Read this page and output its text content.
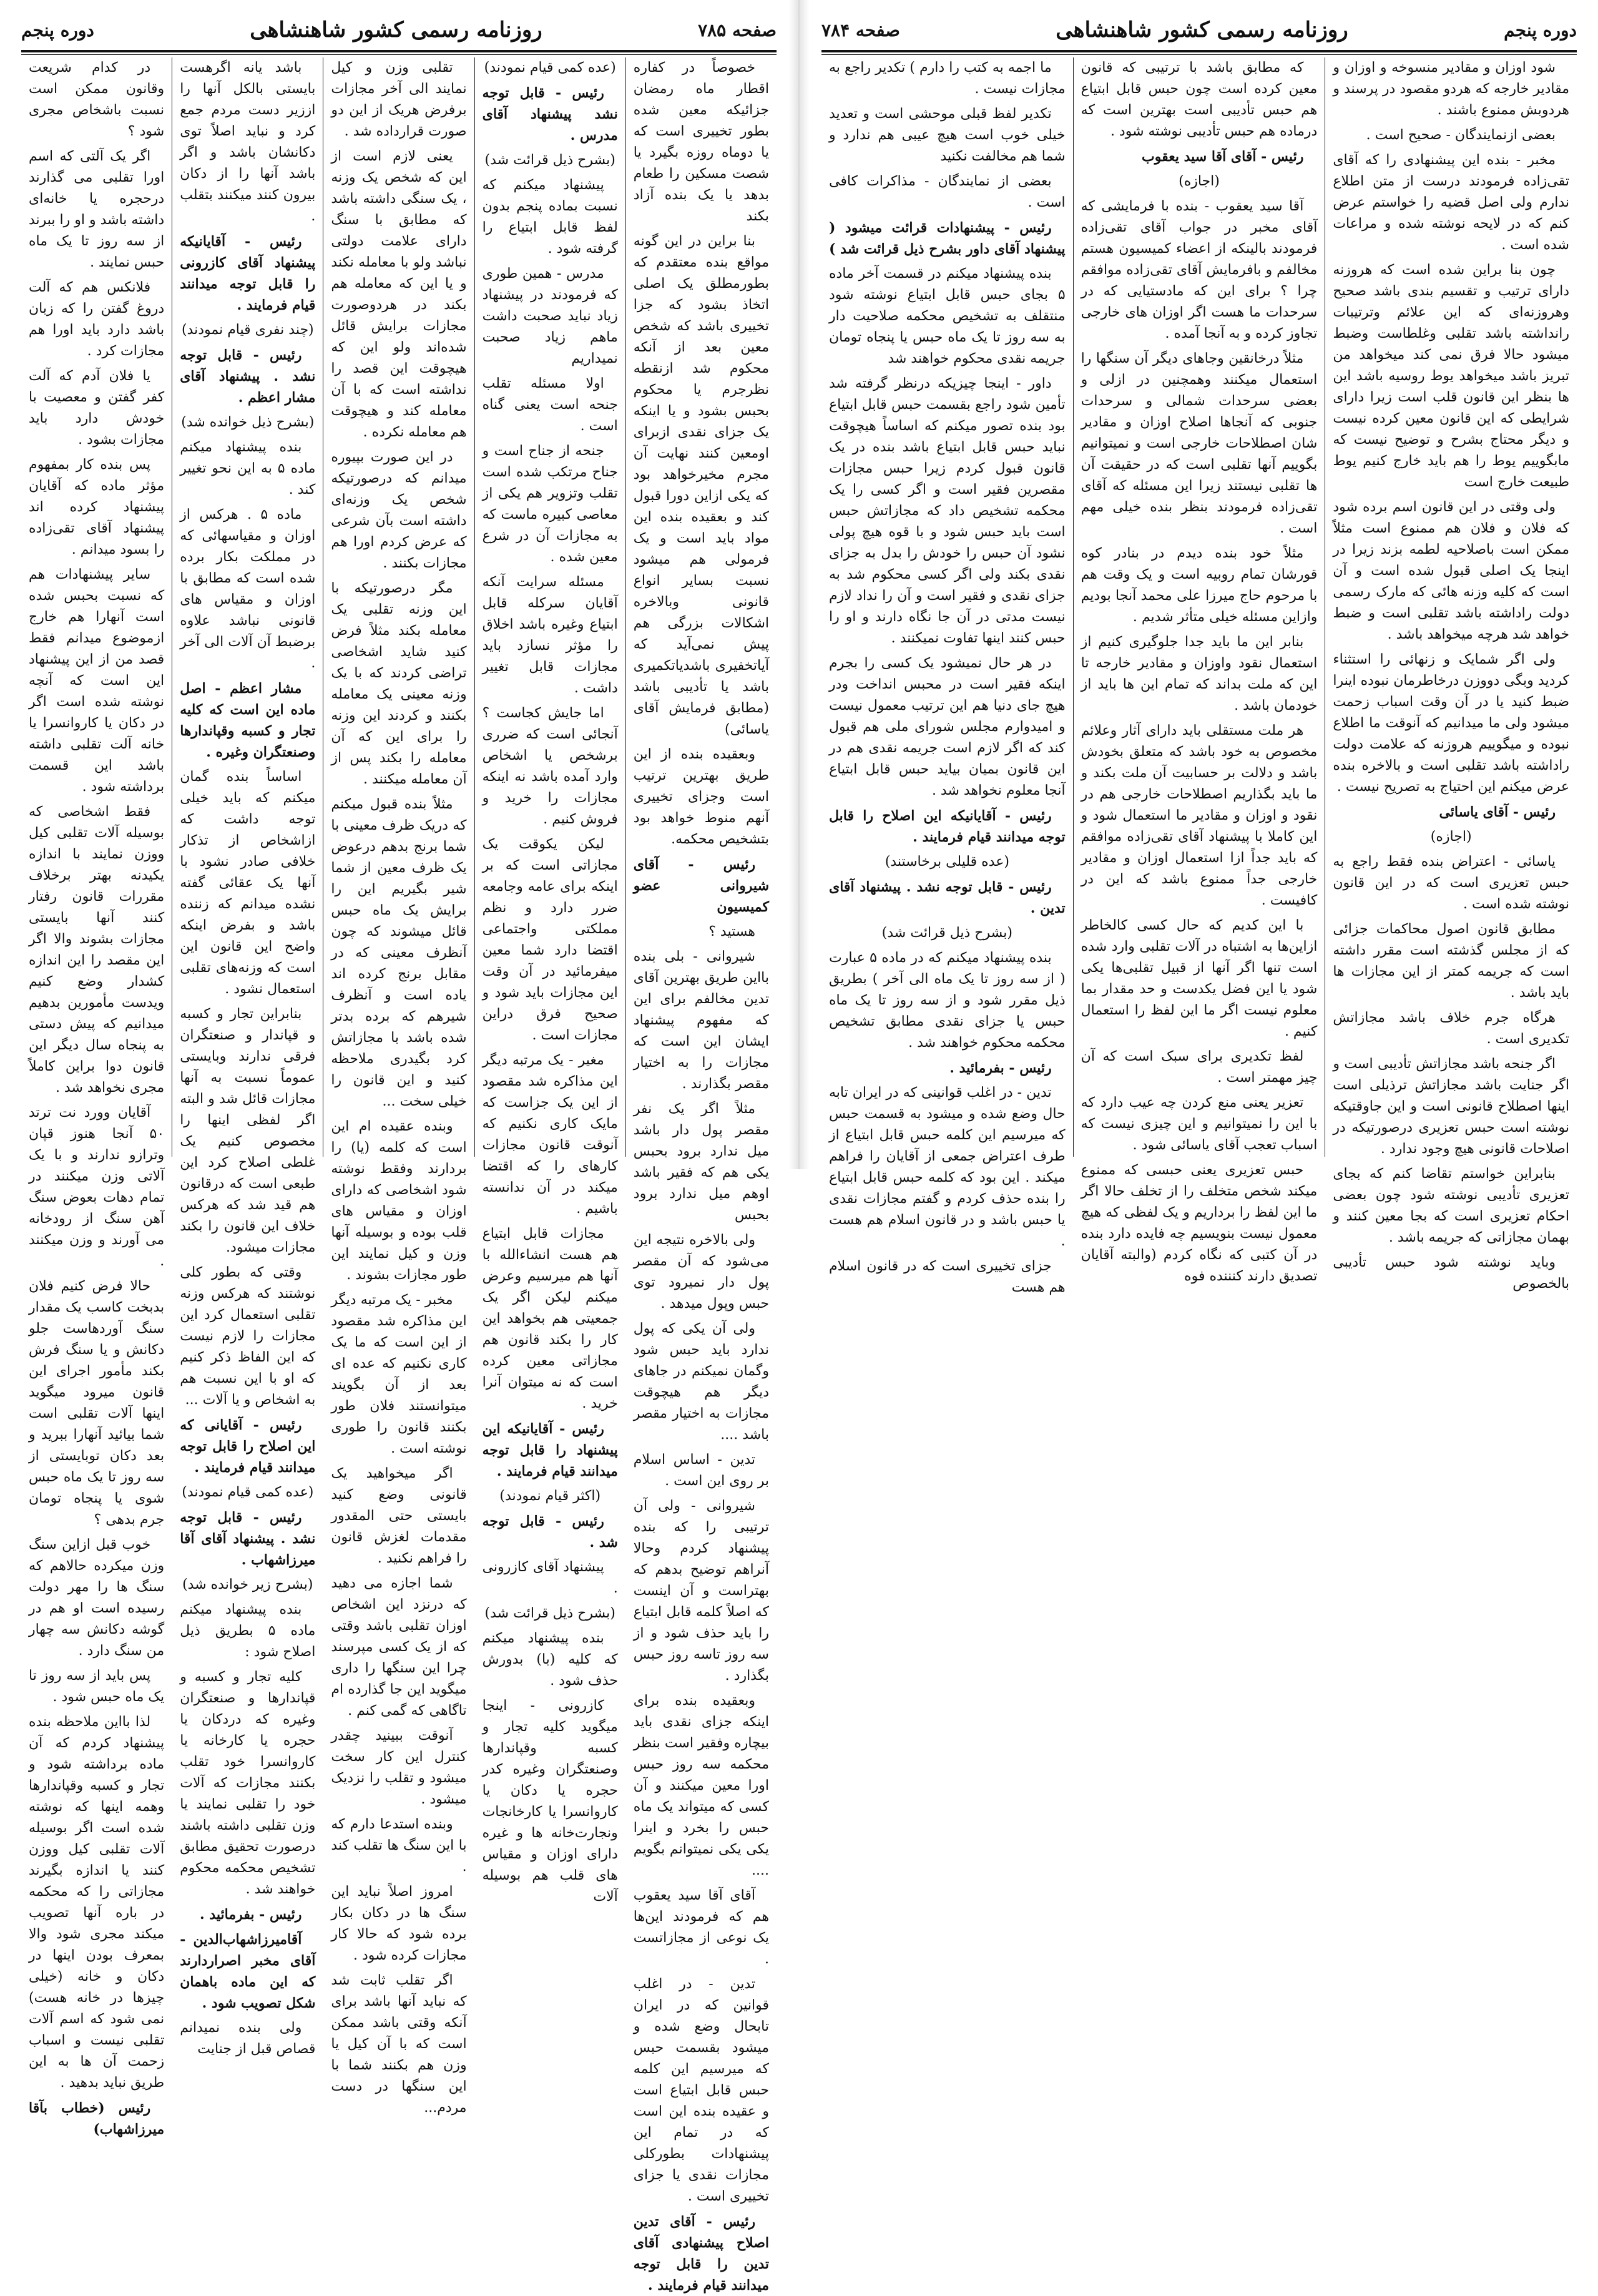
صفحه ۷۸۵
روزنامه رسمی کشور شاهنشاهی
دوره پنجم

خصوصاً در کفاره اقطار ماه رمضان جزائیکه معین شده بطور تخییری است که یا دوماه روزه بگیرد یا شصت مسکین را طعام بدهد یا یک بنده آزاد بکند

بنا براین در این گونه مواقع بنده معتقدم که بطورمطلق یک اصلی اتخاذ بشود که جزا تخییری باشد که شخص معین بعد از آنکه محکوم شد ازنقطه نظرجرم یا محکوم بحبس بشود و یا اینکه یک جزای نقدی ازبرای اومعین کنند نهایت آن مجرم مخیرخواهد بود که یکی ازاین دورا قبول کند و بعقیده بنده این مواد باید است و یک فرمولی هم میشود نسبت بسایر انواع قانونی وبالاخره اشکالات بزرگی هم پیش نمی‌آید که آیاتخفیری باشدیاتکمیری باشد یا تأدیبی باشد (مطابق فرمایش آقای یاسائی)

وبعقیده بنده از این طریق بهترین ترتیب است وجزای تخییری آنهم منوط خواهد بود بتشخیص محکمه.

رئیس - آقای شیروانی عضو کمیسیون

هستید ؟

شیروانی - بلی بنده بااین طریق بهترین آقای تدین مخالفم برای این که مفهوم پیشنهاد ایشان این است که مجازات را به اختیار مقصر بگذارند .

مثلاً اگر یک نفر مقصر پول دار باشد میل ندارد برود بحبس یکی هم که فقیر باشد اوهم میل ندارد برود بحبس

ولی بالاخره نتیجه این می‌شود که آن مقصر پول دار نمیرود توی حبس وپول میدهد .

ولی آن یکی که پول ندارد باید حبس شود وگمان نمیکنم در جاهای دیگر هم هیچوقت مجازات به اختیار مقصر باشد ....

تدین - اساس اسلام بر روی این است .

شیروانی - ولی آن ترتیبی را که بنده پیشنهاد کردم وحالا آنراهم توضیح بدهم که بهتراست و آن اینست که اصلاً کلمه قابل ابتیاع را باید حذف شود و از سه روز تاسه روز حبس بگذارد .

وبعقیده بنده برای اینکه جزای نقدی باید بیچاره وفقیر است بنظر محکمه سه روز حبس اورا معین میکنند و آن کسی که میتواند یک ماه حبس را بخرد و اینرا یکی یکی نمیتوانم بگویم ....

آقای آقا سید یعقوب هم که فرمودند این‌ها یک نوعی از مجازاتست .

تدین - در اغلب قوانین که در ایران تابحال وضع شده و میشود بقسمت حبس که میرسیم این کلمه حبس قابل ابتیاع است و عقیده بنده این است که در تمام این پیشنهادات بطورکلی مجازات نقدی یا جزای تخییری است .

رئیس - آقای تدین اصلاح پیشنهادی آقای تدین را قابل توجه میدانند قیام فرمایند .

(عده کمی قیام نمودند)

رئیس - قابل توجه نشد پیشنهاد آقای مدرس .

(بشرح ذیل قرائت شد)

پیشنهاد میکنم که نسبت بماده پنجم بدون لفظ قابل ابتیاع را گرفته شود .

مدرس - همین طوری که فرمودند در پیشنهاد زیاد نباید صحبت داشت ماهم زیاد صحبت نمیداریم

اولا مسئله تقلب جنحه است یعنی گناه است .

جنحه از جناح است و جناح مرتکب شده است تقلب وتزویر هم یکی از معاصی کبیره ماست که به مجازات آن در شرع معین شده .

مسئله سرایت آنکه آقایان سرکله قابل ابتیاع وغیره باشد اخلاق را مؤثر نسازد باید مجازات قابل تغییر داشت .

اما جایش کجاست ؟ آنجائی است که ضرری برشخص یا اشخاص وارد آمده باشد نه اینکه مجازات را خرید و فروش کنیم .

لیکن یکوقت یک مجازاتی است که بر اینکه برای عامه وجامعه ضرر دارد و نظم مملکتی واجتماعی اقتضا دارد شما معین میفرمائید در آن وقت این مجازات باید شود و صحیح فرق دراین مجازات است .

مغیر - یک مرتبه دیگر این مذاکره شد مقصود از این یک جزاست که مایک کاری نکنیم که آنوقت قانون مجازات کارهای را که اقتضا میکند در آن ندانسته باشیم .

مجازات قابل ابتیاع هم هست انشاءالله با آنها هم میرسیم وعرض میکنم لیکن اگر یک جمعیتی هم بخواهد این کار را بکند قانون هم مجازاتی معین کرده است که نه میتوان آنرا خرید .

رئیس - آقایانیکه این پیشنهاد را قابل توجه میدانند قیام فرمایند .

(اکثر قیام نمودند)

رئیس - قابل توجه شد .

پیشنهاد آقای کازرونی .

(بشرح ذیل قرائت شد)

بنده پیشنهاد میکنم که کلیه (با) بدورش حذف شود .

کازرونی - اینجا میگوید کلیه تجار و کسبه وقپاندارها وصنعتگران وغیره کدر حجره یا دکان یا کاروانسرا یا کارخانجات ونجارت‌خانه ها و غیره دارای اوزان و مقیاس های قلب هم بوسیله آلات

تقلبی وزن و کیل نمایند الی آخر مجازات برفرض هریک از این دو صورت قرارداده شد .

یعنی لازم است از این که شخص یک وزنه ، یک سنگی داشته باشد که مطابق با سنگ دارای علامت دولتی نباشد ولو با معامله نکند و یا این که معامله هم بکند در هردوصورت مجازات برایش قائل شده‌اند ولو این که هیچوقت این قصد را نداشته است که با آن معامله کند و هیچوقت هم معامله نکرده .

در این صورت بپیوره میدانم که درصورتیکه شخص یک وزنه‌ای داشته است بآن شرعی که عرض کردم اورا هم مجازات بکنند .

مگر درصورتیکه با این وزنه تقلبی یک معامله بکند مثلاً فرض کنید شاید اشخاصی تراضی کردند که با یک وزنه معینی یک معامله بکنند و کردند این وزنه را برای این که آن معامله را بکند پس از آن معامله میکنند .

مثلاً بنده قبول میکنم که دریک ظرف معینی با شما برنج بدهم درعوض یک ظرف معین از شما شیر بگیریم این را برایش یک ماه حبس قائل میشوند که چون آنظرف معینی که در مقابل برنج کرده اند یاده است و آنظرف شیرهم که برده بدتر شده باشد با مجازاتش کرد بگیدری ملاحظه کنید و این قانون را خیلی سخت ...

وبنده عقیده ام این است که کلمه (یا) را بردارند وفقط نوشته شود اشخاصی که دارای اوزان و مقیاس های قلب بوده و بوسیله آنها وزن و کیل نمایند این طور مجازات بشوند .

مخبر - یک مرتبه دیگر این مذاکره شد مقصود از این است که ما یک کاری نکنیم که عده ای بعد از آن بگویند میتوانستند فلان طور بکنند قانون را طوری نوشته است .

اگر میخواهید یک قانونی وضع کنید بایستی حتی المقدور مقدمات لغزش قانون را فراهم نکنید .

شما اجازه می دهید که درنزد این اشخاص اوزان تقلبی باشد وقتی که از یک کسی مپرسند چرا این سنگها را داری میگوید این جا گذارده ام تاگاهی که گمی کنم .

آنوقت ببینید چقدر کنترل این کار سخت میشود و تقلب را نزدیک میشود .

وبنده استدعا دارم که با این سنگ ها تقلب کند .

امروز اصلاً نباید این سنگ ها در دکان بکار برده شود که حالا کار مجازات کرده شود .

اگر تقلب ثابت شد که نباید آنها باشد برای آنکه وقتی باشد ممکن است که با آن کیل یا وزن هم بکنند شما با این سنگها در دست مردم...

باشد یانه اگرهست بایستی بالکل آنها را اززیر دست مردم جمع کرد و نباید اصلاً توی دکانشان باشد و اگر باشد آنها را از دکان بیرون کنند میکنند بتقلب .

رئیس - آقایانیکه پیشنهاد آقای کازرونی را قابل توجه میدانند قیام فرمایند .

(چند نفری قیام نمودند)

رئیس - قابل توجه نشد . پیشنهاد آقای مشار اعظم .

(بشرح ذیل خوانده شد)

بنده پیشنهاد میکنم ماده ۵ به این نحو تغییر کند .

ماده ۵ . هرکس از اوزان و مقیاسهائی که در مملکت بکار برده شده است که مطابق با اوزان و مقیاس های قانونی نباشد علاوه برضبط آن آلات الی آخر .

مشار اعظم - اصل ماده این است که کلیه تجار و کسبه وقپاندارها وصنعتگران وغیره .

اساساً بنده گمان میکنم که باید خیلی توجه داشت که ازاشخاص از تذکار خلافی صادر نشود با آنها یک عقائی گفته نشده میدانم که زننده باشد و بفرض اینکه واضح این قانون این است که وزنه‌های تقلبی استعمال نشود .

بنابراین تجار و کسبه و قپاندار و صنعتگران فرقی ندارند وبایستی عموماً نسبت به آنها مجازات قائل شد و البته اگر لفظی اینها را مخصوص کنیم یک غلطی اصلاح کرد این طبعی است که درقانون هم قید شد که هرکس خلاف این قانون را بکند مجازات میشود.

وقتی که بطور کلی نوشتند که هرکس وزنه تقلبی استعمال کرد این مجازات را لازم نیست که این الفاظ ذکر کنیم که او با این نسبت هم به اشخاص و یا آلات ...

رئیس - آقایانی که این اصلاح را قابل توجه میدانند قیام فرمایند .

(عده کمی قیام نمودند)

رئیس - قابل توجه نشد . پیشنهاد آقای آقا میرزاشهاب .

(بشرح زیر خوانده شد)

بنده پیشنهاد میکنم ماده ۵ بطریق ذیل اصلاح شود :

کلیه تجار و کسبه و قپاندارها و صنعتگران وغیره که دردکان یا حجره یا کارخانه یا کاروانسرا خود تقلب بکنند مجازات که آلات خود را تقلبی نمایند یا وزن تقلبی داشته باشند درصورت تحقیق مطابق تشخیص محکمه محکوم خواهند شد .

رئیس - بفرمائید .

آقامیرزاشهاب‌الدین - آقای مخبر اصراردارند که این ماده باهمان شکل تصویب شود .

ولی بنده نمیدانم قصاص قبل از جنایت

در کدام شریعت وقانون ممکن است نسبت باشخاص مجری شود ؟

اگر یک آلتی که اسم اورا تقلبی می گذارند درحجره یا خانه‌ای داشته باشد و او را ببرند از سه روز تا یک ماه حبس نمایند .

فلانکس هم که آلت دروغ گفتن را که زبان باشد دارد باید اورا هم مجازات کرد .

یا فلان آدم که آلت کفر گفتن و معصیت با خودش دارد باید مجازات بشود .

پس بنده کار بمفهوم مؤثر ماده که آقایان پیشنهاد کرده اند پیشنهاد آقای تقی‌زاده را بسود میدانم .

سایر پیشنهادات هم که نسبت بحبس شده است آنهارا هم خارج ازموضوع میدانم فقط قصد من از این پیشنهاد این است که آنچه نوشته شده است اگر در دکان یا کاروانسرا یا خانه آلت تقلبی داشته باشد این قسمت برداشته شود .

فقط اشخاصی که بوسیله آلات تقلبی کیل ووزن نمایند با اندازه یکیدنه بهتر برخلاف مقررات قانون رفتار کنند آنها بایستی مجازات بشوند والا اگر این مقصد را این اندازه کشدار وضع کنیم ویدست مأمورین بدهیم میدانیم که پیش دستی به پنجاه سال دیگر این قانون دوا براین کاملاً مجری نخواهد شد .

آقایان وورد نت ترتد ۵۰ آنجا هنوز قپان وترازو ندارند و با یک آلاتی وزن میکنند در تمام دهات بعوض سنگ آهن سنگ از رودخانه می آورند و وزن میکنند .

حالا فرض کنیم فلان بدبخت کاسب یک مقدار سنگ آوردهاست جلو دکانش و یا سنگ فرش بکند مأمور اجرای این قانون میرود میگوید اینها آلات تقلبی است شما بیائید آنهارا ببرید و بعد دکان توبایستی از سه روز تا یک ماه حبس شوی یا پنجاه تومان جرم بدهی ؟

خوب قبل ازاین سنگ وزن میکرده حالاهم که سنگ ها را مهر دولت رسیده است او هم در گوشه دکانش سه چهار من سنگ دارد .

پس باید از سه روز تا یک ماه حبس شود .

لذا بااین ملاحظه بنده پیشنهاد کردم که آن ماده برداشته شود و تجار و کسبه وقپاندارها وهمه اینها که نوشته شده است اگر بوسیله آلات تقلبی کیل ووزن کنند یا اندازه بگیرند مجازاتی را که محکمه در باره آنها تصویب میکند مجری شود والا بمعرف بودن اینها در دکان و خانه (خیلی چیزها در خانه هست) نمی شود که اسم آلات تقلبی نیست و اسباب زحمت آن ها به این طریق نباید بدهید .

رئیس (خطاب بآقا میرزاشهاب)

دوره پنجم
روزنامه رسمی کشور شاهنشاهی
صفحه ۷۸۴

شود اوزان و مقادیر منسوخه و اوزان و مقادیر خارجه که هردو مقصود در پرسند و هردوبش ممنوع باشند .

بعضی ازنمایندگان - صحیح است .

مخبر - بنده این پیشنهادی را که آقای تقی‌زاده فرمودند درست از متن اطلاع ندارم ولی اصل قضیه را خواستم عرض کنم که در لایحه نوشته شده و مراعات شده است .

چون بنا براین شده است که هروزنه دارای ترتیب و تقسیم بندی باشد صحیح وهروزنه‌ای که این علائم وترتیبات رانداشته باشد تقلبی وغلطاست وضبط میشود حالا فرق نمی کند میخواهد من تبریز باشد میخواهد یوط روسیه باشد این ها بنظر این قانون قلب است زیرا دارای شرایطی که این قانون معین کرده نیست و دیگر محتاج بشرح و توضیح نیست که مابگوییم یوط را هم باید خارج کنیم یوط طبیعت خارج است

ولی وقتی در این قانون اسم برده شود که فلان و فلان هم ممنوع است مثلاً ممکن است باصلاحیه لطمه بزند زیرا در اینجا یک اصلی قبول شده است و آن است که کلیه وزنه هائی که مارک رسمی دولت راداشته باشد تقلبی است و ضبط خواهد شد هرچه میخواهد باشد .

ولی اگر شمایک و زنهائی را استثناء کردید وبگی دووزن درخاطرمان نبوده اینرا ضبط کنید یا در آن وقت اسباب زحمت میشود ولی ما میدانیم که آنوقت ما اطلاع نبوده و میگوییم هروزنه که علامت دولت راداشته باشد تقلبی است و بالاخره بنده عرض میکنم این احتیاج به تصریح نیست .

رئیس - آقای یاسائی

(اجازه)

یاسائی - اعتراض بنده فقط راجع به حبس تعزیری است که در این قانون نوشته شده است .

مطابق قانون اصول محاکمات جزائی که از مجلس گذشته است مقرر داشته است که جریمه کمتر از این مجازات ها باید باشد .

هرگاه جرم خلاف باشد مجازاتش تکدیری است .

اگر جنحه باشد مجازاتش تأدیبی است و اگر جنایت باشد مجازاتش ترذیلی است اینها اصطلاح قانونی است و این جاوقتیکه نوشته است حبس تعزیری درصورتیکه در اصلاحات قانونی هیچ وجود ندارد .

بنابراین خواستم تقاضا کنم که بجای تعزیری تأدیبی نوشته شود چون بعضی احکام تعزیری است که بجا معین کنند و بهمان مجازاتی که جریمه باشد .

وباید نوشته شود حبس تأدیبی بالخصوص

که مطابق باشد با ترتیبی که قانون معین کرده است چون حبس قابل ابتیاع هم حبس تأدیبی است بهترین است که درماده هم حبس تأدیبی نوشته شود .

رئیس - آقای آقا سید یعقوب

(اجازه)

آقا سید یعقوب - بنده با فرمایشی که آقای مخبر در جواب آقای تقی‌زاده فرمودند بالینکه از اعضاء کمیسیون هستم مخالفم و بافرمایش آقای تقی‌زاده موافقم چرا ؟ برای این که مادستیایی که در سرحدات ما هست اگر اوزان های خارجی تجاوز کرده و به آنجا آمده .

مثلاً درخانقین وجاهای دیگر آن سنگها را استعمال میکنند وهمچنین در ازلی و بعضی سرحدات شمالی و سرحدات جنوبی که آنجاها اصلاح اوزان و مقادیر شان اصطلاحات خارجی است و نمیتوانیم بگوییم آنها تقلبی است که در حقیقت آن ها تقلبی نیستند زیرا این مسئله که آقای تقی‌زاده فرمودند بنظر بنده خیلی مهم است .

مثلاً خود بنده دیدم در بنادر کوه قورشان تمام روبیه است و یک وقت هم با مرحوم حاج میرزا علی محمد آنجا بودیم وازاین مسئله خیلی متأثر شدیم .

بنابر این ما باید جدا جلوگیری کنیم از استعمال نقود واوزان و مقادیر خارجه تا این که ملت بداند که تمام این ها باید از خودمان باشد .

هر ملت مستقلی باید دارای آثار وعلائم مخصوص به خود باشد که متعلق بخودش باشد و دلالت بر حسابیت آن ملت بکند و ما باید بگذاریم اصطلاحات خارجی هم در نقود و اوزان و مقادیر ما استعمال شود و این کاملا با پیشنهاد آقای تقی‌زاده موافقم که باید جداً ازا استعمال اوزان و مقادیر خارجی جداً ممنوع باشد که این در کافیست .

با این کدیم که حال کسی کالخاطر ازاین‌ها به اشتباه در آلات تقلبی وارد شده است تنها اگر آنها از قبیل تقلبی‌ها یکی شود یا این فضل یکدست و حد مقدار بما معلوم نیست اگر ما این لفظ را استعمال کنیم .

لفظ تکدیری برای سبک است که آن چیز مهمتر است .

تعزیر یعنی منع کردن چه عیب دارد که با این را نمیتوانیم و این چیزی نیست که اسباب تعجب آقای یاسائی شود .

حبس تعزیری یعنی حبسی که ممنوع میکند شخص متخلف را از تخلف حالا اگر ما این لفظ را برداریم و یک لفظی که هیچ معمول نیست بنویسیم چه فایده دارد بنده در آن کتبی که نگاه کردم (والبته آقایان تصدیق دارند کنننده فوه

ما اجمه به کتب را دارم ) تکدیر راجع به مجازات نیست .

تکدیر لفظ قبلی موحشی است و تعدید خیلی خوب است هیچ عیبی هم ندارد و شما هم مخالفت نکنید

بعضی از نمایندگان - مذاکرات کافی است .

رئیس - پیشنهادات قرائت میشود ( پیشنهاد آقای داور بشرح ذیل قرائت شد )

بنده پیشنهاد میکنم در قسمت آخر ماده ۵ بجای حبس قابل ابتیاع نوشته شود منتقلف به تشخیص محکمه صلاحیت دار به سه روز تا یک ماه حبس یا پنجاه تومان جریمه نقدی محکوم خواهند شد

داور - اینجا چیزیکه درنظر گرفته شد تأمین شود راجع بقسمت حبس قابل ابتیاع بود بنده تصور میکنم که اساساً هیچوقت نباید حبس قابل ابتیاع باشد بنده در یک قانون قبول کردم زیرا حبس مجازات مقصرین فقیر است و اگر کسی را یک محکمه تشخیص داد که مجازاتش حبس است باید حبس شود و با قوه هیچ پولی نشود آن حبس را خودش را بدل به جزای نقدی بکند ولی اگر کسی محکوم شد به جزای نقدی و فقیر است و آن را نداد لازم نیست مدتی در آن جا نگاه دارند و او را حبس کنند اینها تفاوت نمیکنند .

در هر حال نمیشود یک کسی را بجرم اینکه فقیر است در محبس انداخت ودر هیچ جای دنیا هم این ترتیب معمول نیست و امیدوارم مجلس شورای ملی هم قبول کند که اگر لازم است جریمه نقدی هم در این قانون بمیان بیاید حبس قابل ابتیاع آنجا معلوم نخواهد شد .

رئیس - آقایانیکه این اصلاح را قابل توجه میدانند قیام فرمایند .

(عده قلیلی برخاستند)

رئیس - قابل توجه نشد . پیشنهاد آقای تدین .

(بشرح ذیل قرائت شد)

بنده پیشنهاد میکنم که در ماده ۵ عبارت ( از سه روز تا یک ماه الی آخر ) بطریق ذیل مقرر شود و از سه روز تا یک ماه حبس یا جزای نقدی مطابق تشخیص محکمه محکوم خواهند شد .

رئیس - بفرمائید .

تدین - در اغلب قوانینی که در ایران تابه حال وضع شده و میشود به قسمت حبس که میرسیم این کلمه حبس قابل ابتیاع از طرف اعتراض جمعی از آقایان را فراهم میکند . این بود که کلمه حبس قابل ابتیاع را بنده حذف کردم و گفتم مجازات نقدی یا حبس باشد و در قانون اسلام هم هست .

جزای تخییری است که در قانون اسلام هم هست
